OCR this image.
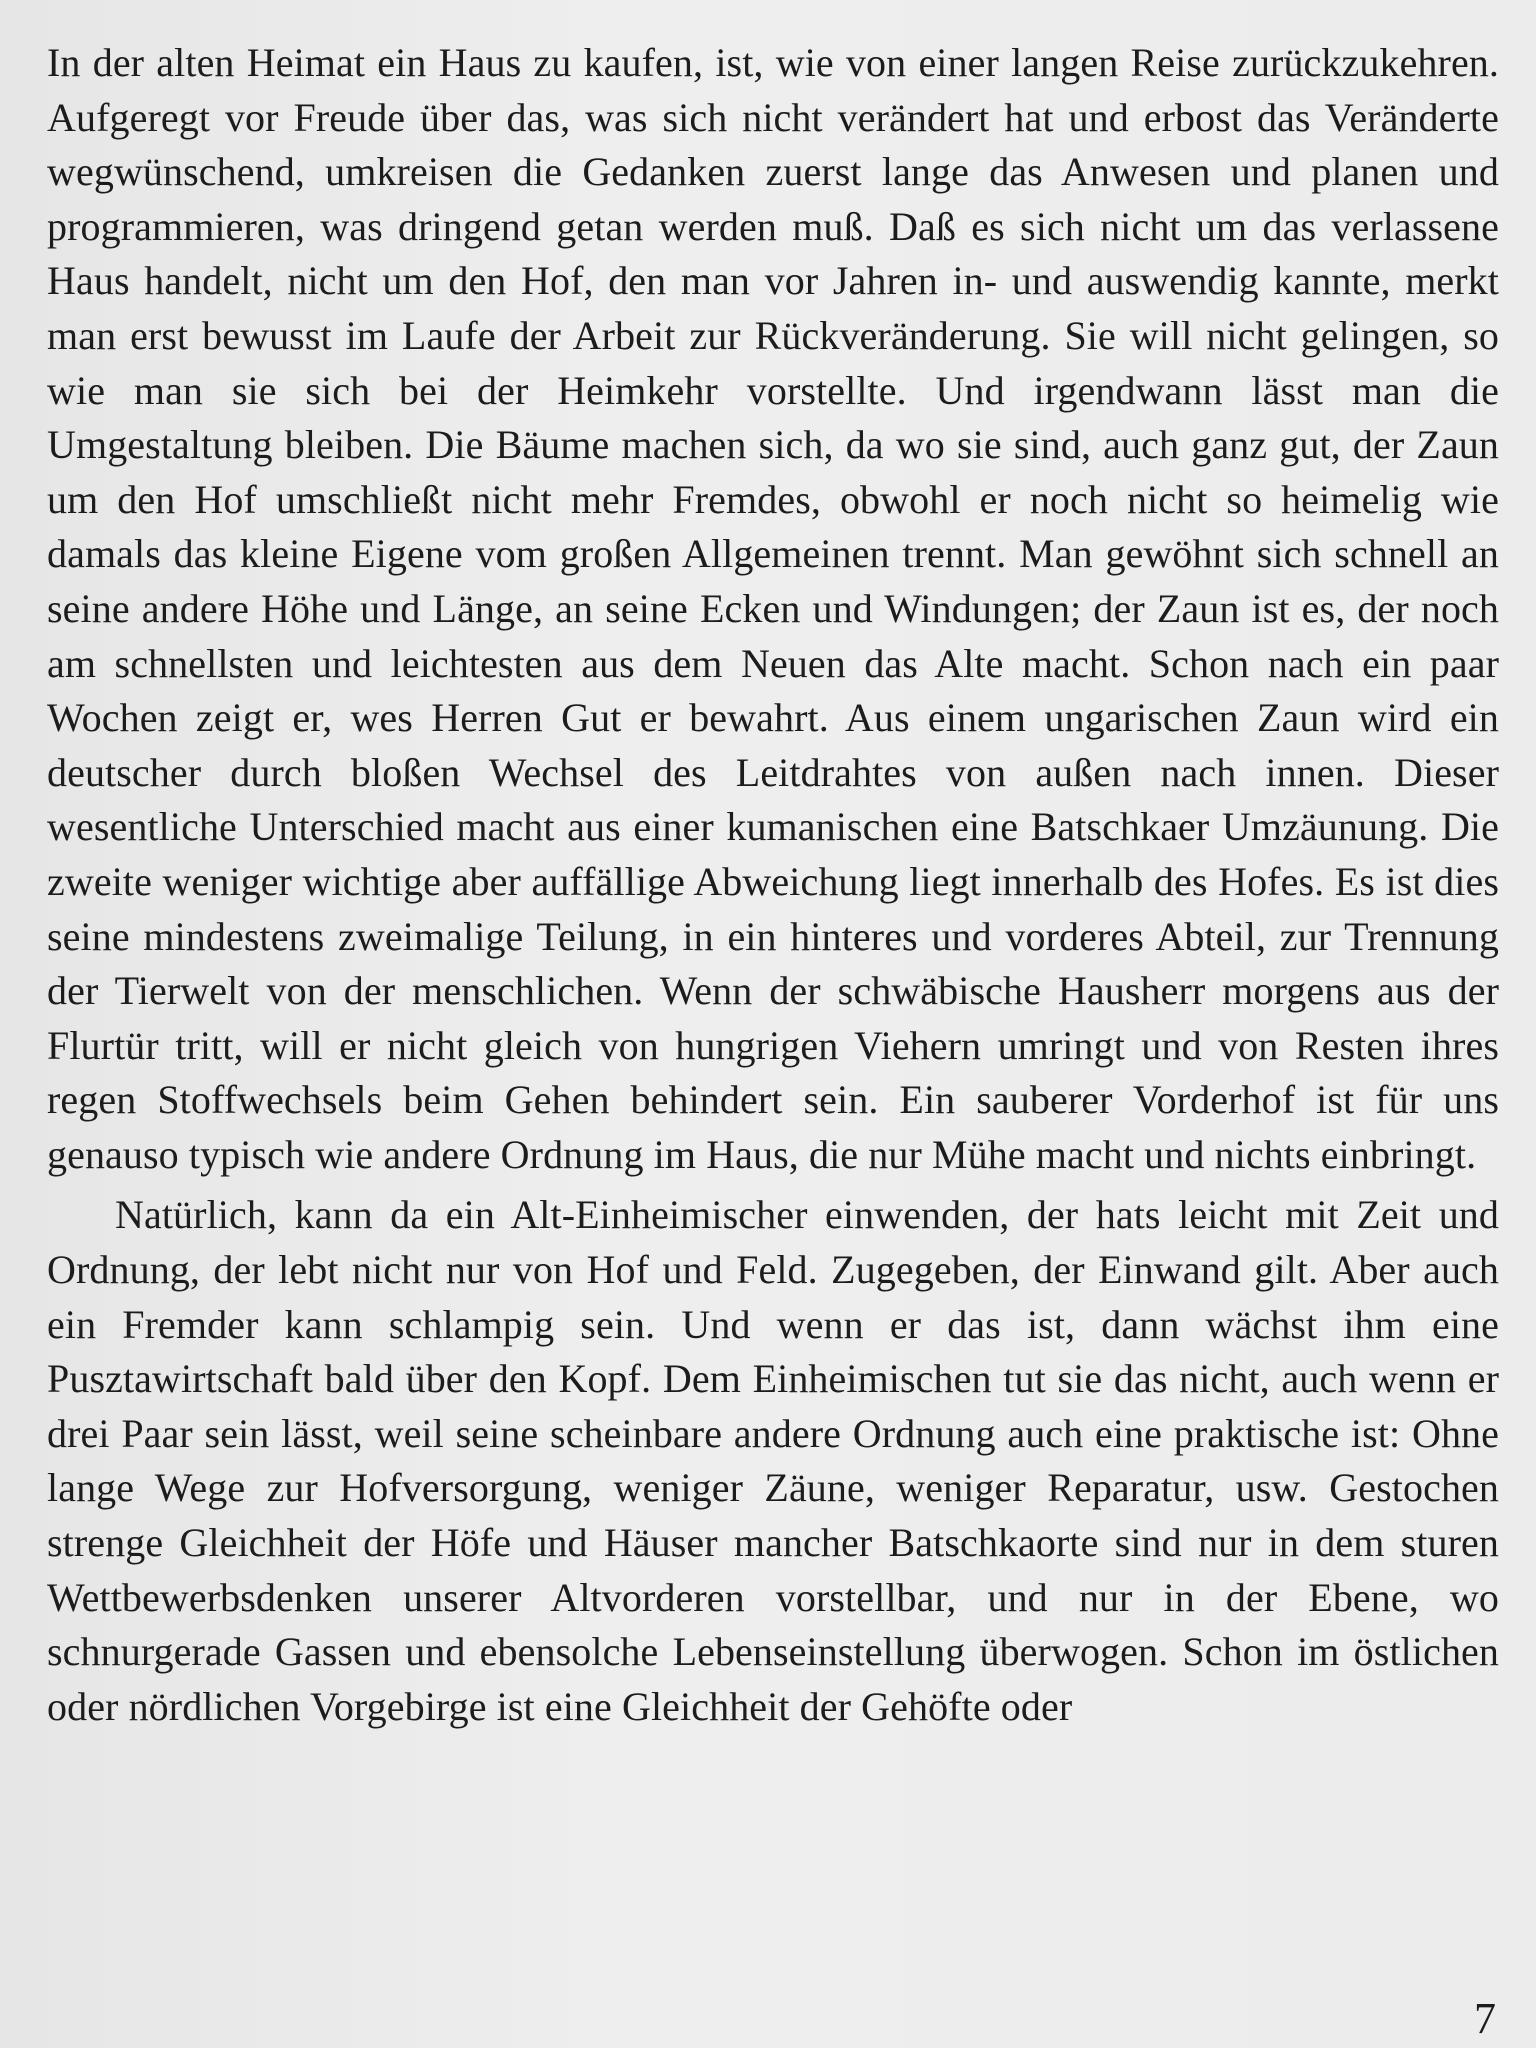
In der alten Heimat ein Haus zu kaufen, ist, wie von einer langen Reise zurückzukehren. Aufgeregt vor Freude über das, was sich nicht verändert hat und erbost das Veränderte wegwünschend, umkreisen die Gedanken zuerst lange das Anwesen und planen und programmieren, was dringend getan werden muß. Daß es sich nicht um das verlassene Haus handelt, nicht um den Hof, den man vor Jahren in- und auswendig kannte, merkt man erst bewusst im Laufe der Arbeit zur Rückveränderung. Sie will nicht gelingen, so wie man sie sich bei der Heimkehr vorstellte. Und irgendwann lässt man die Umgestaltung bleiben. Die Bäume machen sich, da wo sie sind, auch ganz gut, der Zaun um den Hof umschließt nicht mehr Fremdes, obwohl er noch nicht so heimelig wie damals das kleine Eigene vom großen Allgemeinen trennt. Man gewöhnt sich schnell an seine andere Höhe und Länge, an seine Ecken und Windungen; der Zaun ist es, der noch am schnellsten und leichtesten aus dem Neuen das Alte macht. Schon nach ein paar Wochen zeigt er, wes Herren Gut er bewahrt. Aus einem ungarischen Zaun wird ein deutscher durch bloßen Wechsel des Leitdrahtes von außen nach innen. Dieser wesentliche Unterschied macht aus einer kumanischen eine Batschkaer Umzäunung. Die zweite weniger wichtige aber auffällige Abweichung liegt innerhalb des Hofes. Es ist dies seine mindestens zweimalige Teilung, in ein hinteres und vorderes Abteil, zur Trennung der Tierwelt von der menschlichen. Wenn der schwäbische Hausherr morgens aus der Flurtür tritt, will er nicht gleich von hungrigen Viehern umringt und von Resten ihres regen Stoffwechsels beim Gehen behindert sein. Ein sauberer Vorderhof ist für uns genauso typisch wie andere Ordnung im Haus, die nur Mühe macht und nichts einbringt.

Natürlich, kann da ein Alt-Einheimischer einwenden, der hats leicht mit Zeit und Ordnung, der lebt nicht nur von Hof und Feld. Zugegeben, der Einwand gilt. Aber auch ein Fremder kann schlampig sein. Und wenn er das ist, dann wächst ihm eine Pusztawirtschaft bald über den Kopf. Dem Einheimischen tut sie das nicht, auch wenn er drei Paar sein lässt, weil seine scheinbare andere Ordnung auch eine praktische ist: Ohne lange Wege zur Hofversorgung, weniger Zäune, weniger Reparatur, usw. Gestochen strenge Gleichheit der Höfe und Häuser mancher Batschkaorte sind nur in dem sturen Wettbewerbsdenken unserer Altvorderen vorstellbar, und nur in der Ebene, wo schnurgerade Gassen und ebensolche Lebenseinstellung überwogen. Schon im östlichen oder nördlichen Vorgebirge ist eine Gleichheit der Gehöfte oder

7
